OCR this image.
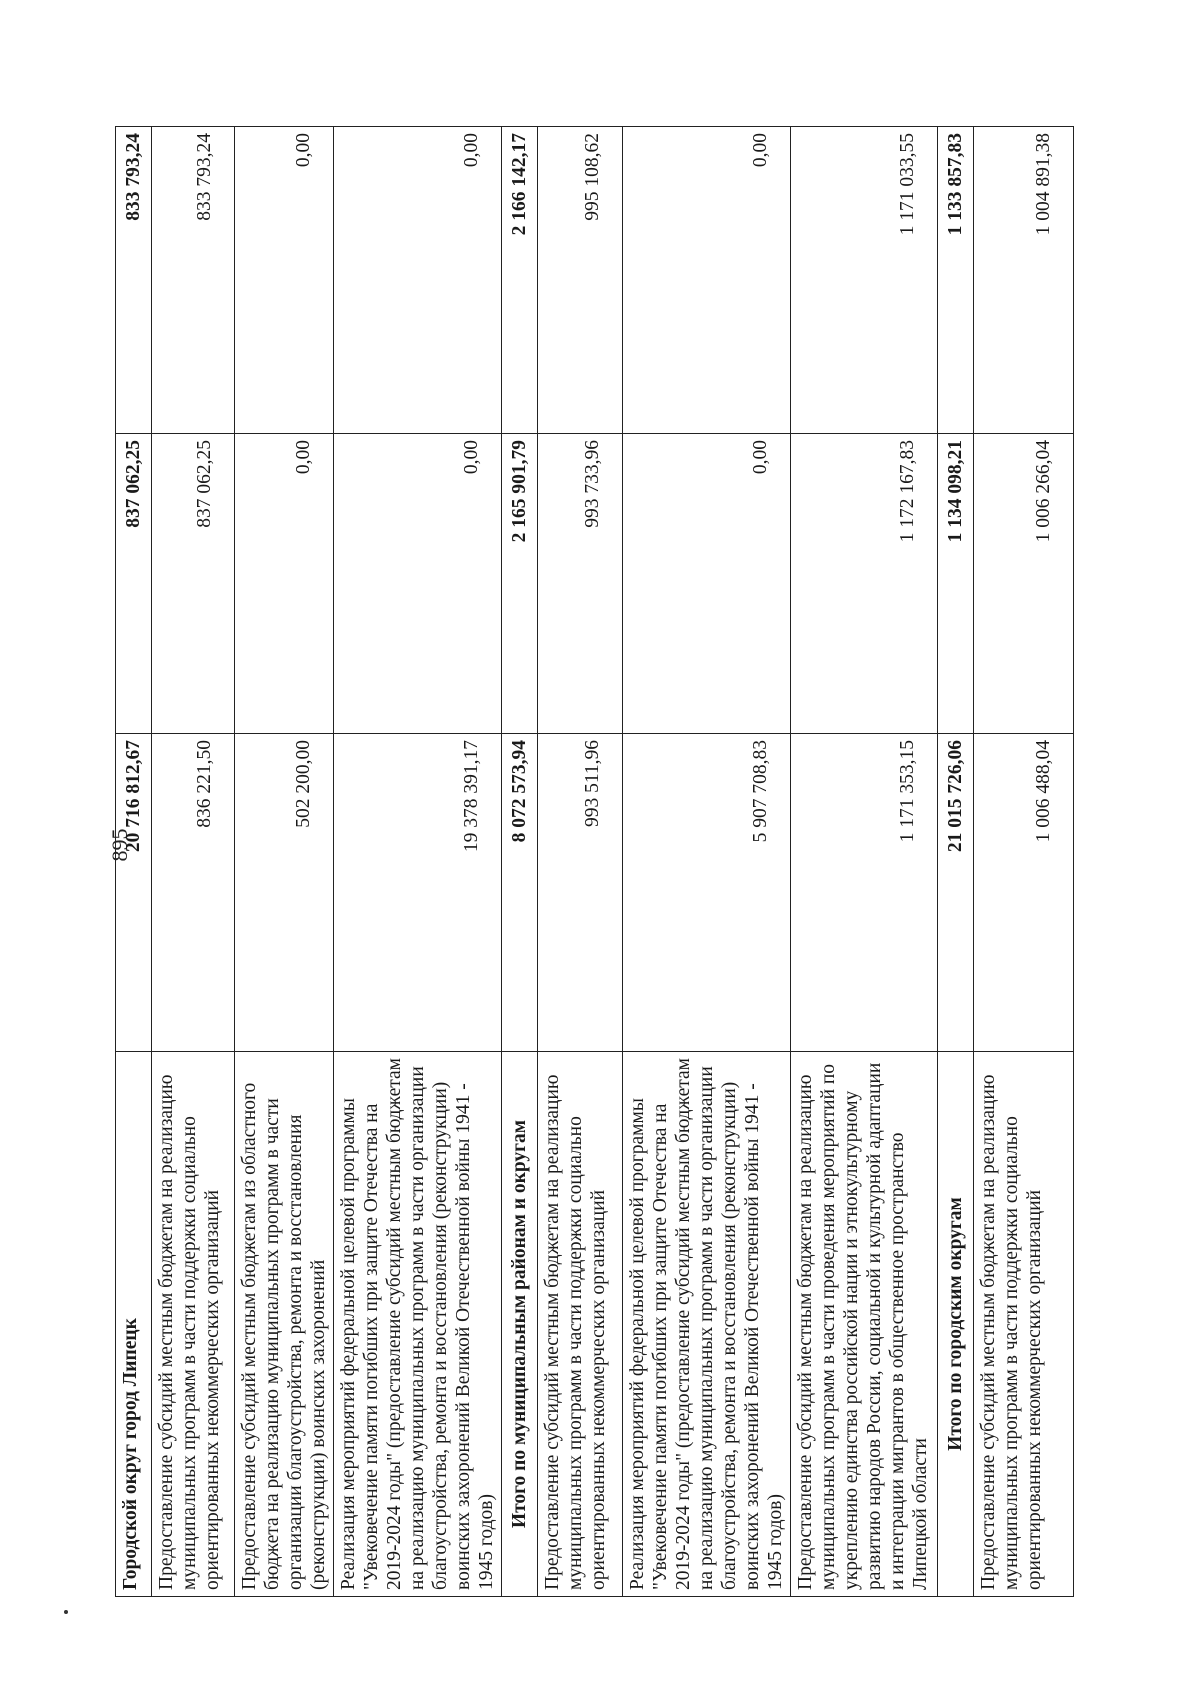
895
Городской округ город Липецк	20 716 812,67	837 062,25	833 793,24
Предоставление субсидий местным бюджетам на реализацию муниципальных программ в части поддержки социально ориентированных некоммерческих организаций	836 221,50	837 062,25	833 793,24
Предоставление субсидий местным бюджетам из областного бюджета на реализацию муниципальных программ в части организации благоустройства, ремонта и восстановления (реконструкции) воинских захоронений	502 200,00	0,00	0,00
Реализация мероприятий федеральной целевой программы "Увековечение памяти погибших при защите Отечества на 2019-2024 годы" (предоставление субсидий местным бюджетам на реализацию муниципальных программ в части организации благоустройства, ремонта и восстановления (реконструкции) воинских захоронений Великой Отечественной войны 1941 - 1945 годов)	19 378 391,17	0,00	0,00
Итого по муниципальным районам и округам	8 072 573,94	2 165 901,79	2 166 142,17
Предоставление субсидий местным бюджетам на реализацию муниципальных программ в части поддержки социально ориентированных некоммерческих организаций	993 511,96	993 733,96	995 108,62
Реализация мероприятий федеральной целевой программы "Увековечение памяти погибших при защите Отечества на 2019-2024 годы" (предоставление субсидий местным бюджетам на реализацию муниципальных программ в части организации благоустройства, ремонта и восстановления (реконструкции) воинских захоронений Великой Отечественной войны 1941 - 1945 годов)	5 907 708,83	0,00	0,00
Предоставление субсидий местным бюджетам на реализацию муниципальных программ в части проведения мероприятий по укреплению единства российской нации и этнокультурному развитию народов России, социальной и культурной адаптации и интеграции мигрантов в общественное пространство Липецкой области	1 171 353,15	1 172 167,83	1 171 033,55
Итого по городским округам	21 015 726,06	1 134 098,21	1 133 857,83
Предоставление субсидий местным бюджетам на реализацию муниципальных программ в части поддержки социально ориентированных некоммерческих организаций	1 006 488,04	1 006 266,04	1 004 891,38
